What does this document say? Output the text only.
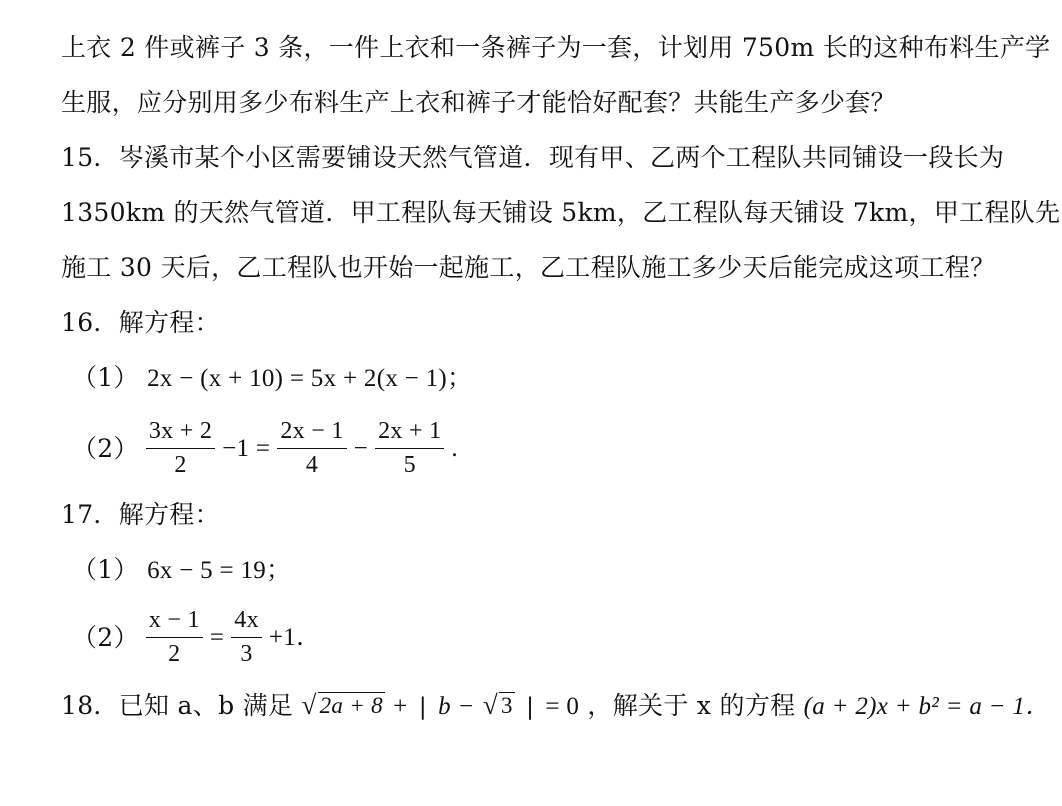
上衣 2 件或裤子 3 条，一件上衣和一条裤子为一套，计划用 750m 长的这种布料生产学
生服，应分别用多少布料生产上衣和裤子才能恰好配套？共能生产多少套？
15．岑溪市某个小区需要铺设天然气管道．现有甲、乙两个工程队共同铺设一段长为
1350km 的天然气管道．甲工程队每天铺设 5km，乙工程队每天铺设 7km，甲工程队先
施工 30 天后，乙工程队也开始一起施工，乙工程队施工多少天后能完成这项工程？
16．解方程：
（1） 2x − (x + 10) = 5x + 2(x − 1)；
$(2) \frac{3x + 2}{2} -1 = \frac{2x - 1}{4} - \frac{2x + 1}{5}$ .
17．解方程：
（1） 6x − 5 = 19；
$(2) \frac{x - 1}{2} = \frac{4x}{3} +1$．
18．已知 a、b 满足 √ 2a + 8 + | b − √ 3 | = 0 ，解关于 x 的方程 (a + 2)x + b² = a − 1．
